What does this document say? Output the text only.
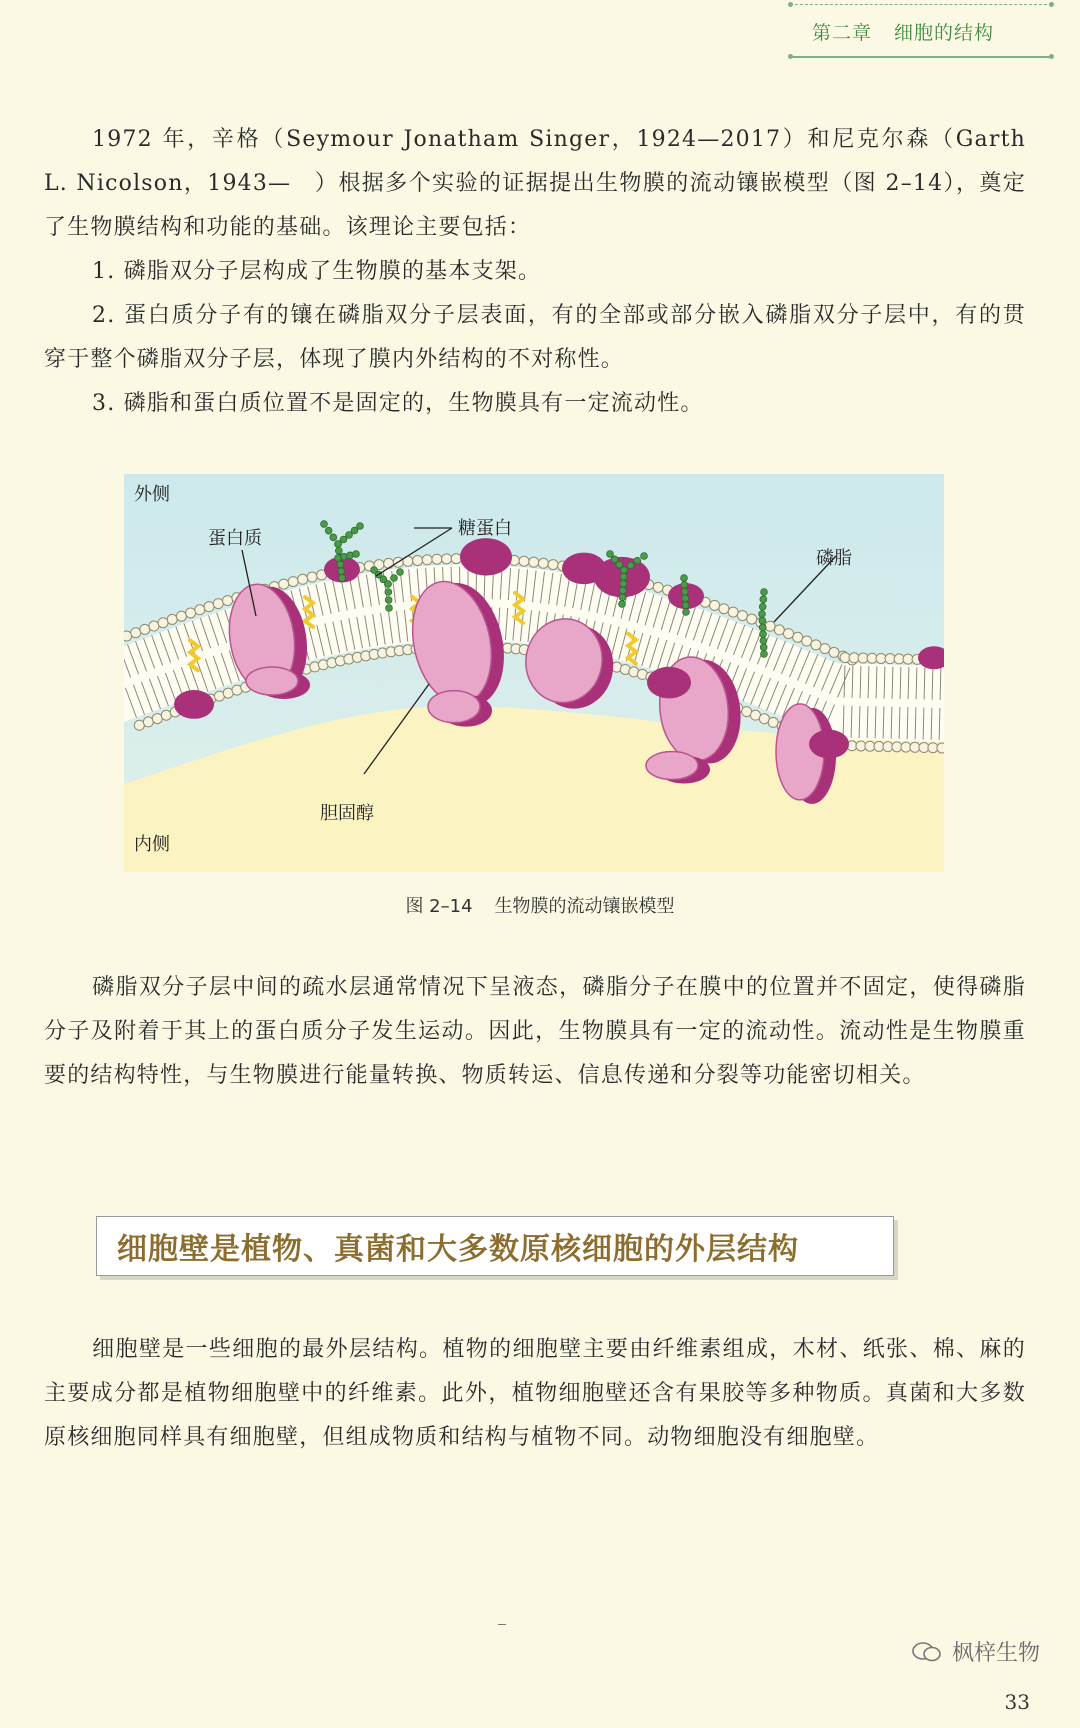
第二章 细胞的结构
1972 年，辛格（Seymour Jonatham Singer，1924—2017）和尼克尔森（Garth L. Nicolson，1943—　）根据多个实验的证据提出生物膜的流动镶嵌模型（图 2–14），奠定了生物膜结构和功能的基础。该理论主要包括：
1. 磷脂双分子层构成了生物膜的基本支架。
2. 蛋白质分子有的镶在磷脂双分子层表面，有的全部或部分嵌入磷脂双分子层中，有的贯穿于整个磷脂双分子层，体现了膜内外结构的不对称性。
3. 磷脂和蛋白质位置不是固定的，生物膜具有一定流动性。
外侧
蛋白质	糖蛋白
磷脂
胆固醇
内侧
图 2–14 生物膜的流动镶嵌模型
磷脂双分子层中间的疏水层通常情况下呈液态，磷脂分子在膜中的位置并不固定，使得磷脂分子及附着于其上的蛋白质分子发生运动。因此，生物膜具有一定的流动性。流动性是生物膜重要的结构特性，与生物膜进行能量转换、物质转运、信息传递和分裂等功能密切相关。
细胞壁是植物、真菌和大多数原核细胞的外层结构
细胞壁是一些细胞的最外层结构。植物的细胞壁主要由纤维素组成，木材、纸张、棉、麻的主要成分都是植物细胞壁中的纤维素。此外，植物细胞壁还含有果胶等多种物质。真菌和大多数原核细胞同样具有细胞壁，但组成物质和结构与植物不同。动物细胞没有细胞壁。
枫梓生物
33
